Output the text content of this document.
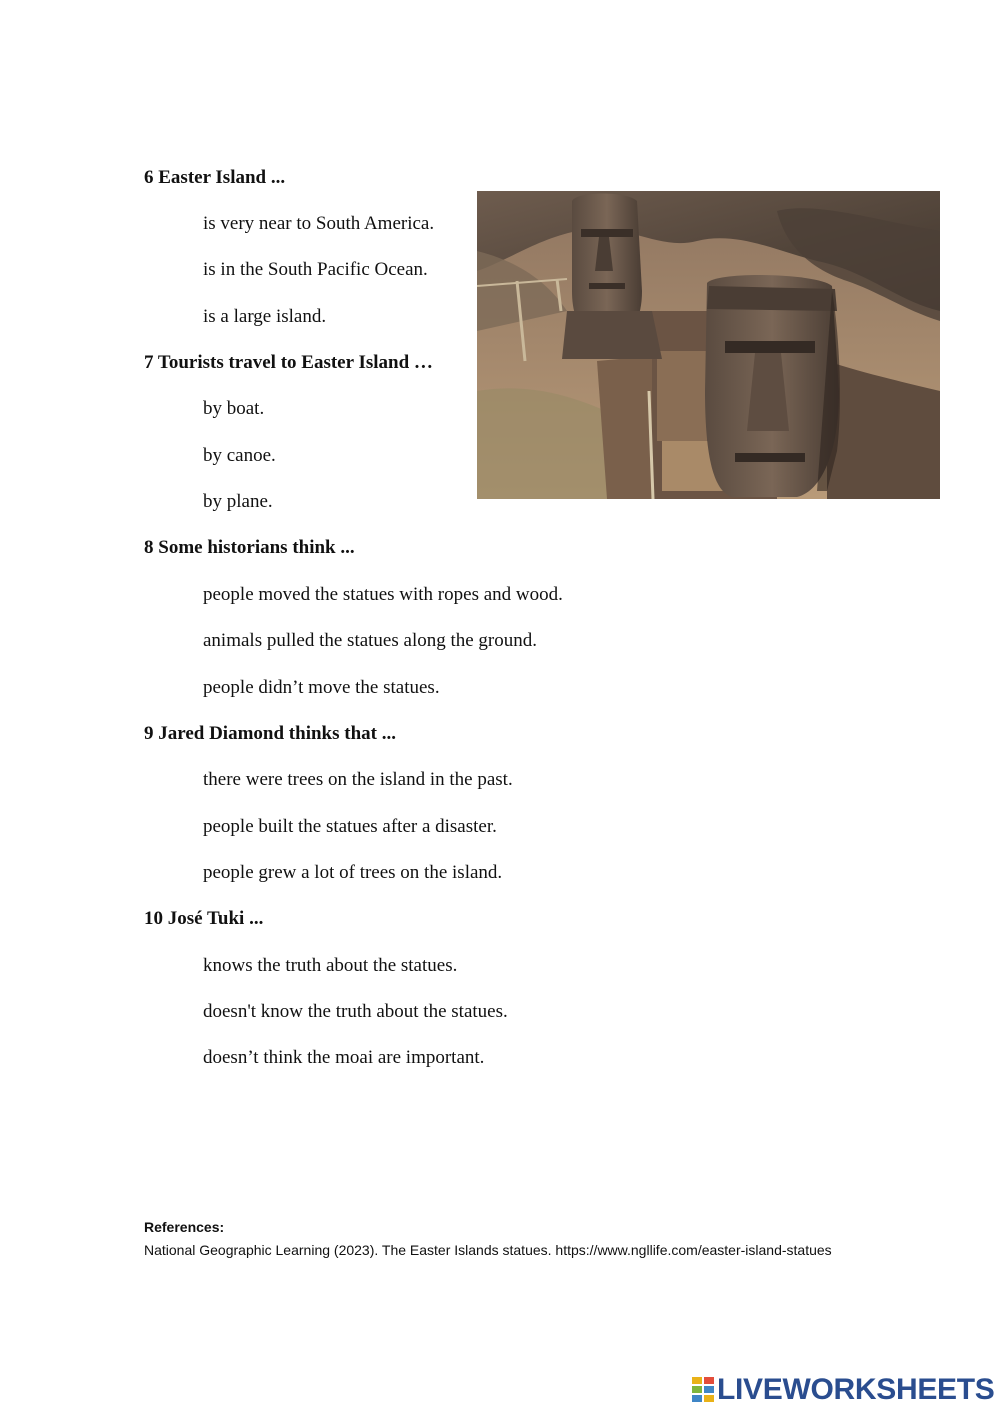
6 Easter Island ...
is very near to South America.
is in the South Pacific Ocean.
is a large island.
7 Tourists travel to Easter Island …
by boat.
by canoe.
by plane.
8 Some historians think ...
people moved the statues with ropes and wood.
animals pulled the statues along the ground.
people didn’t move the statues.
9 Jared Diamond thinks that ...
there were trees on the island in the past.
people built the statues after a disaster.
people grew a lot of trees on the island.
10 José Tuki ...
knows the truth about the statues.
doesn't know the truth about the statues.
doesn’t think the moai are important.
References:
National Geographic Learning (2023). The Easter Islands statues. https://www.ngllife.com/easter-island-statues
LIVEWORKSHEETS
